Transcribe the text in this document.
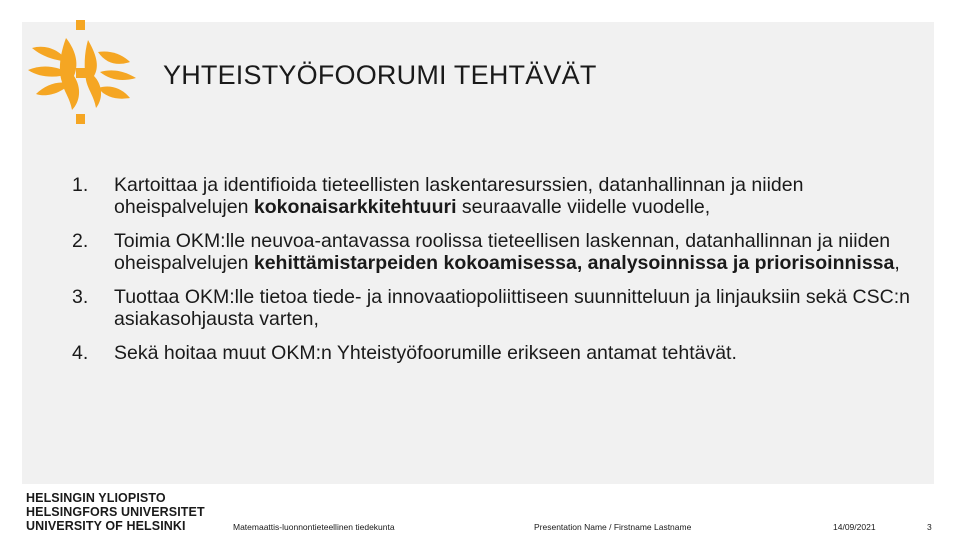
YHTEISTYÖFOORUMI TEHTÄVÄT
1. Kartoittaa ja identifioida tieteellisten laskentaresurssien, datanhallinnan ja niiden oheispalvelujen kokonaisarkkitehtuuri seuraavalle viidelle vuodelle,
2. Toimia OKM:lle neuvoa-antavassa roolissa tieteellisen laskennan, datanhallinnan ja niiden oheispalvelujen kehittämistarpeiden kokoamisessa, analysoinnissa ja priorisoinnissa,
3. Tuottaa OKM:lle tietoa tiede- ja innovaatiopoliittiseen suunnitteluun ja linjauksiin sekä CSC:n asiakasohjausta varten,
4. Sekä hoitaa muut OKM:n Yhteistyöfoorumille erikseen antamat tehtävät.
HELSINGIN YLIOPISTO
HELSINGFORS UNIVERSITET
UNIVERSITY OF HELSINKI	Matemaattis-luonnontieteellinen tiedekunta	Presentation Name / Firstname Lastname	14/09/2021	3
